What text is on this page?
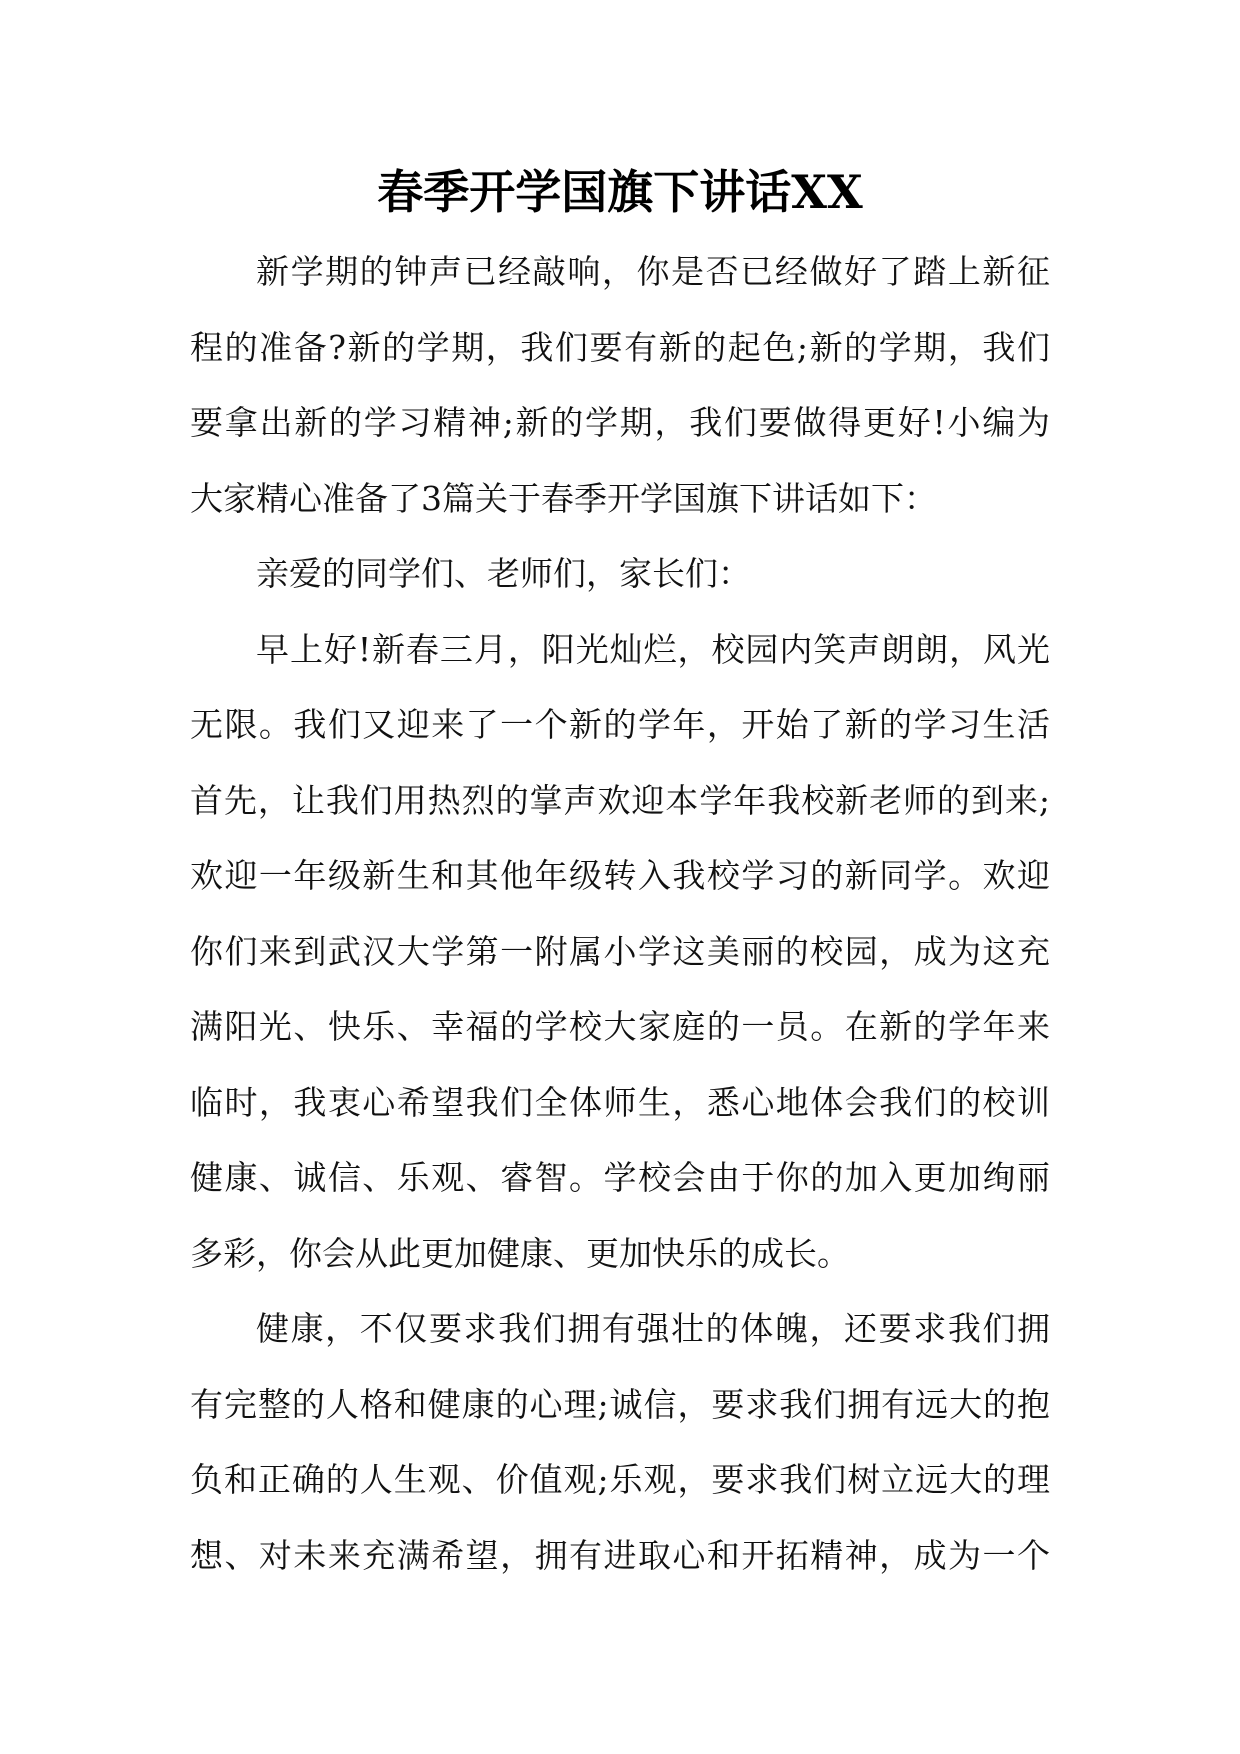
春季开学国旗下讲话XX

新学期的钟声已经敲响，你是否已经做好了踏上新征

程的准备?新的学期，我们要有新的起色;新的学期，我们

要拿出新的学习精神;新的学期，我们要做得更好!小编为

大家精心准备了3篇关于春季开学国旗下讲话如下：

亲爱的同学们、老师们，家长们：

早上好!新春三月，阳光灿烂，校园内笑声朗朗，风光

无限。我们又迎来了一个新的学年，开始了新的学习生活

首先，让我们用热烈的掌声欢迎本学年我校新老师的到来;

欢迎一年级新生和其他年级转入我校学习的新同学。欢迎

你们来到武汉大学第一附属小学这美丽的校园，成为这充

满阳光、快乐、幸福的学校大家庭的一员。在新的学年来

临时，我衷心希望我们全体师生，悉心地体会我们的校训

健康、诚信、乐观、睿智。学校会由于你的加入更加绚丽

多彩，你会从此更加健康、更加快乐的成长。

健康，不仅要求我们拥有强壮的体魄，还要求我们拥

有完整的人格和健康的心理;诚信，要求我们拥有远大的抱

负和正确的人生观、价值观;乐观，要求我们树立远大的理

想、对未来充满希望，拥有进取心和开拓精神，成为一个
